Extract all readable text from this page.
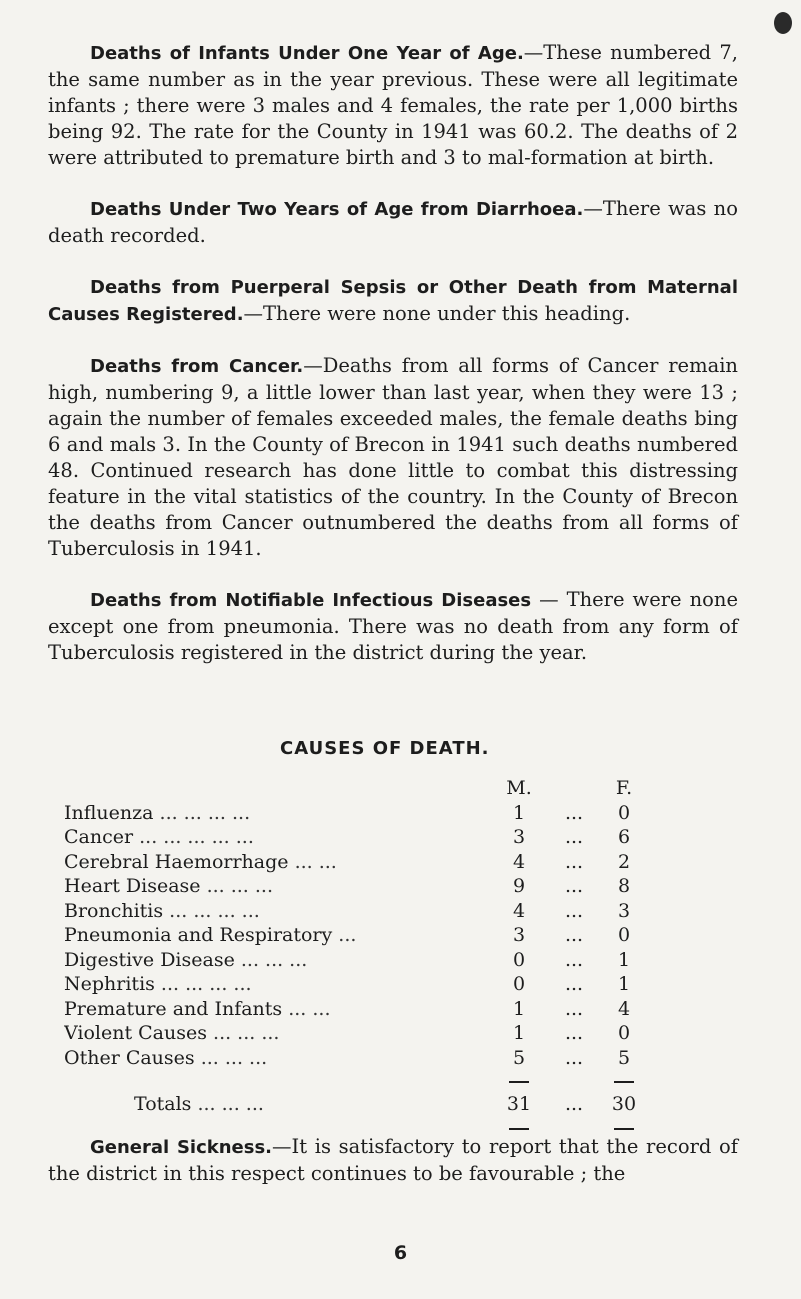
Deaths of Infants Under One Year of Age.—These numbered 7, the same number as in the year previous. These were all legitimate infants ; there were 3 males and 4 females, the rate per 1,000 births being 92. The rate for the County in 1941 was 60.2. The deaths of 2 were attributed to premature birth and 3 to mal-formation at birth.

Deaths Under Two Years of Age from Diarrhoea.—There was no death recorded.

Deaths from Puerperal Sepsis or Other Death from Maternal Causes Registered.—There were none under this heading.

Deaths from Cancer.—Deaths from all forms of Cancer remain high, numbering 9, a little lower than last year, when they were 13 ; again the number of females exceeded males, the female deaths bing 6 and mals 3. In the County of Brecon in 1941 such deaths numbered 48. Continued research has done little to combat this distressing feature in the vital statistics of the country. In the County of Brecon the deaths from Cancer outnumbered the deaths from all forms of Tuberculosis in 1941.

Deaths from Notifiable Infectious Diseases — There were none except one from pneumonia. There was no death from any form of Tuberculosis registered in the district during the year.

CAUSES OF DEATH.
	M.		F.
Influenza ... ... ... ...	1	...	0
Cancer ... ... ... ... ...	3	...	6
Cerebral Haemorrhage ... ...	4	...	2
Heart Disease ... ... ...	9	...	8
Bronchitis ... ... ... ...	4	...	3
Pneumonia and Respiratory ...	3	...	0
Digestive Disease ... ... ...	0	...	1
Nephritis ... ... ... ...	0	...	1
Premature and Infants ... ...	1	...	4
Violent Causes ... ... ...	1	...	0
Other Causes ... ... ...	5	...	5

Totals ... ... ...	31	...	30

General Sickness.—It is satisfactory to report that the record of the district in this respect continues to be favourable ; the

6
